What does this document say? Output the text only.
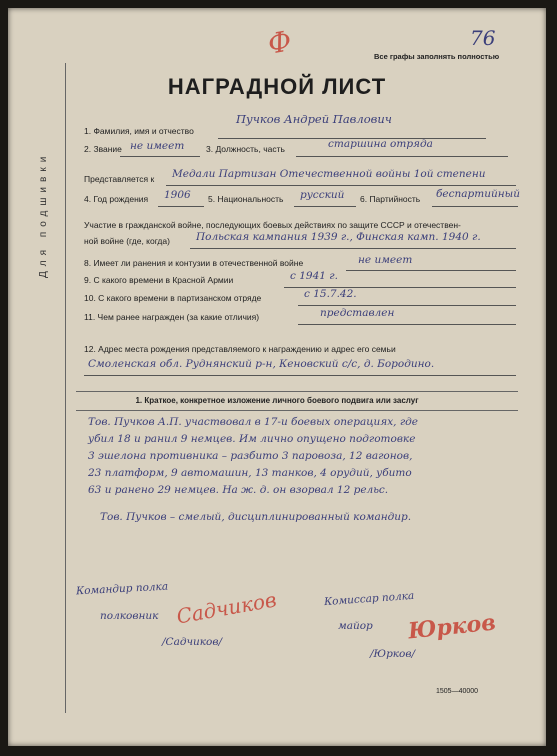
76
Все графы заполнять полностью
Ф
НАГРАДНОЙ ЛИСТ
Для подшивки
1. Фамилия, имя и отчество
Пучков Андрей Павлович
2. Звание не имеет	3. Должность, часть	старшина отряда
Представляется к Медали Партизан Отечественной войны 1ой степени
4. Год рождения 1906 5. Национальность русский 6. Партийность беспартийный
Участие в гражданской войне, последующих боевых действиях по защите СССР и отечествен-
ной войне (где, когда) Польская кампания 1939 г., Финская камп. 1940 г.
8. Имеет ли ранения и контузии в отечественной войне	не имеет
9. С какого времени в Красной Армии	с 1941 г.
10. С какого времени в партизанском отряде	с 15.7.42.
11. Чем ранее награжден (за какие отличия)	представлен
12. Адрес места рождения представляемого к награждению и адрес его семьи
Смоленская обл. Руднянский р-н, Кеновский с/с, д. Бородино.
1. Краткое, конкретное изложение личного боевого подвига или заслуг
Тов. Пучков А.П. участвовал в 17-и боевых операциях, где
убил 18 и ранил 9 немцев. Им лично опущено подготовке
3 эшелона противника – разбито 3 паровоза, 12 вагонов,
23 платформ, 9 автомашин, 13 танков, 4 орудий, убито
63 и ранено 29 немцев. На ж. д. он взорвал 12 рельс.
Тов. Пучков – смелый, дисциплинированный командир.
Командир полка
полковник Садчиков
/Садчиков/
Комиссар полка
майор Юрков
/Юрков/
1505—40000
